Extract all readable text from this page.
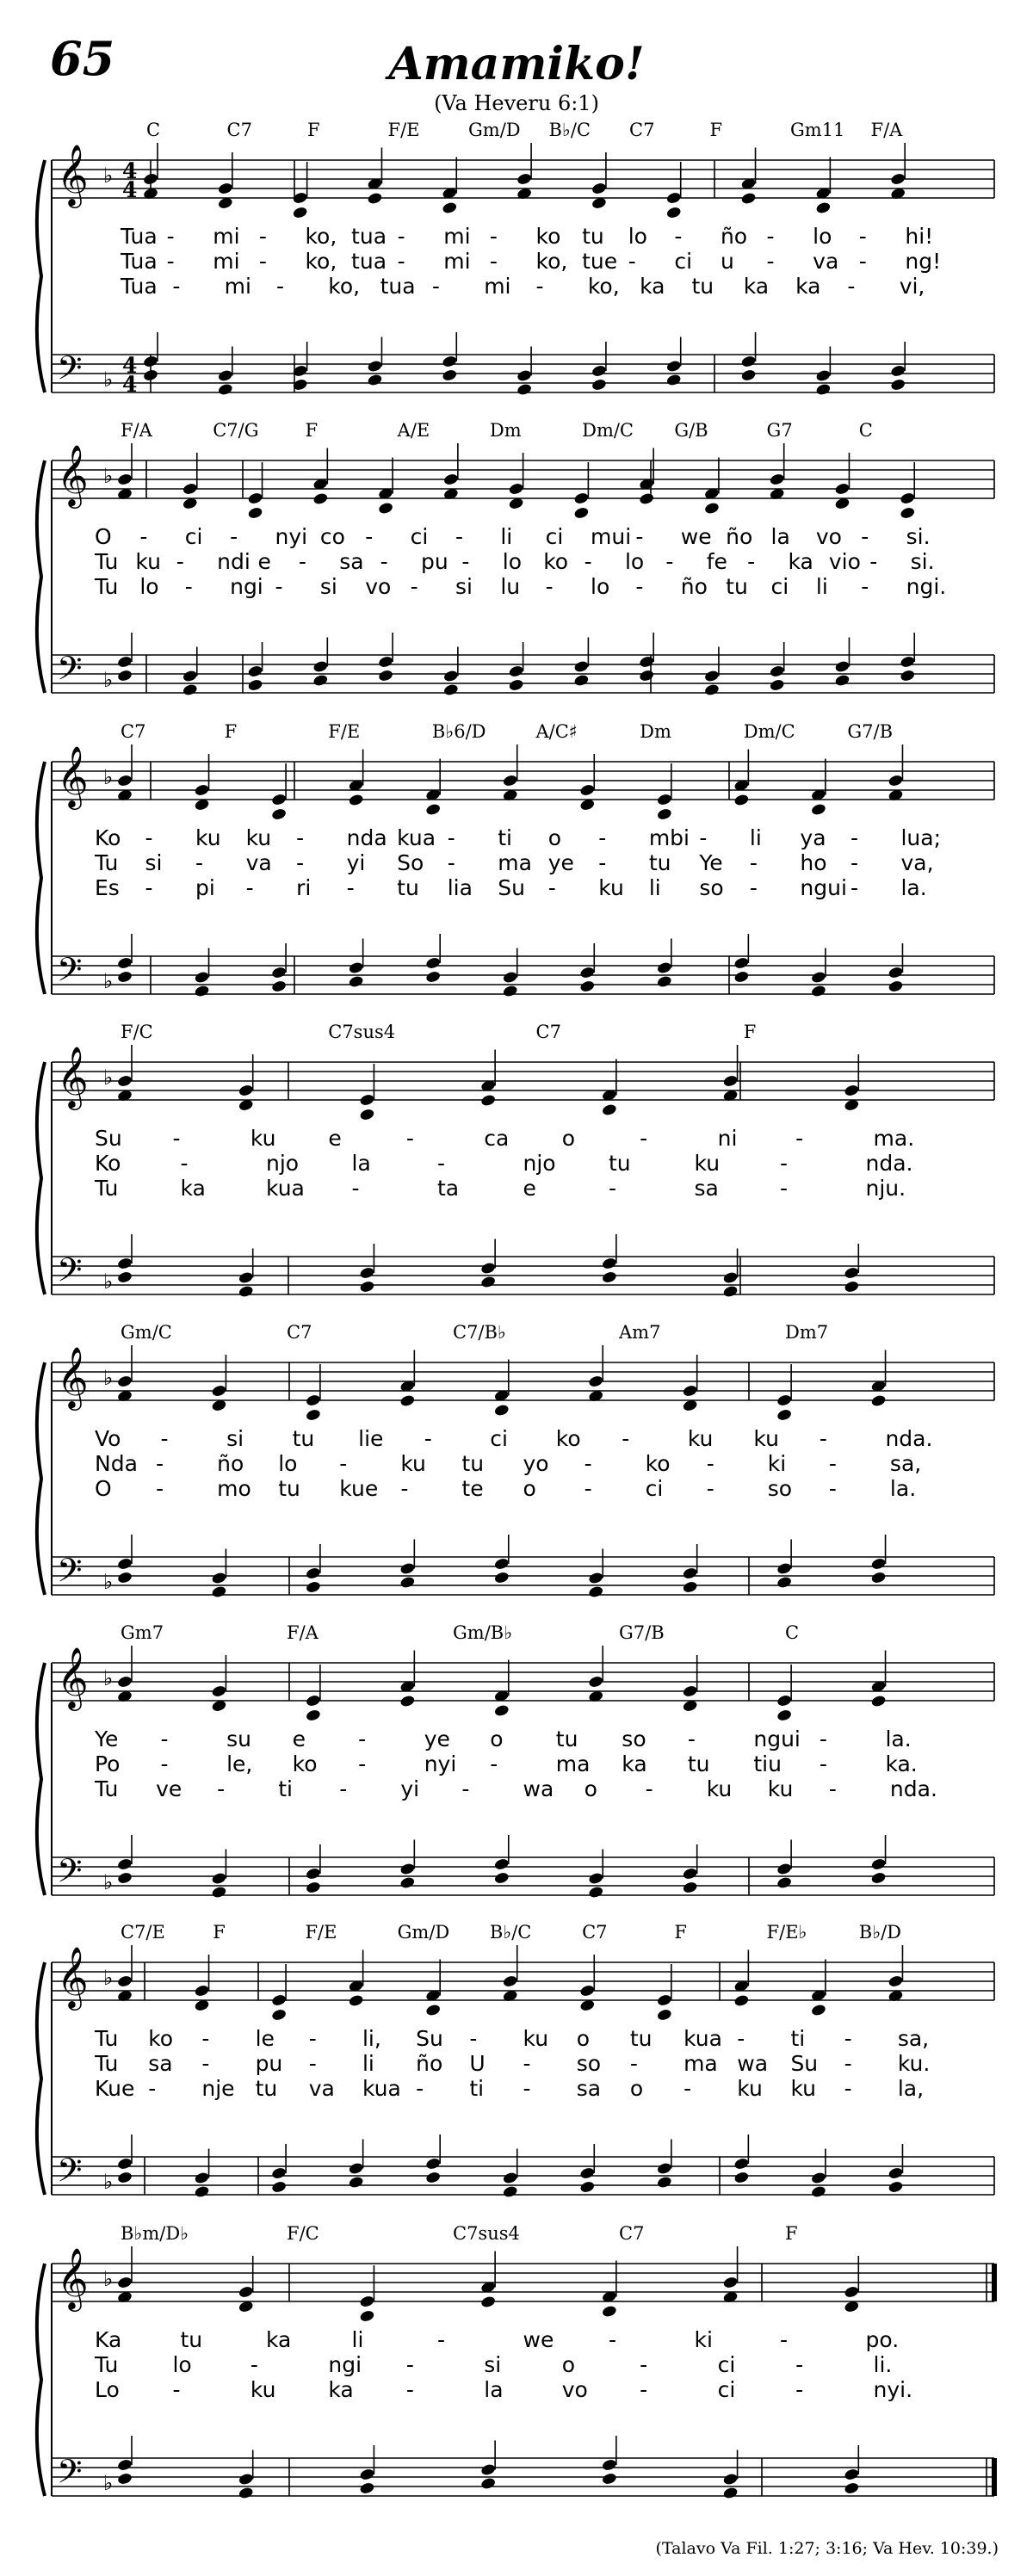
65	Amamiko!
(Va Heveru 6:1)
𝄞
𝄢
♭
♭
4
4
4
4
C	C7	F	F/E	Gm/D B♭/C C7	F	Gm11 F/A
Tua - mi - ko, tua - mi - ko tu lo - ño - lo - hi!
Tua - mi - ko, tua - mi - ko, tue - ci u - va - ng!
Tua - mi - ko, tua - mi - ko, ka tu ka ka - vi,
𝄞
𝄢
♭
♭
F/A	C7/G	F	A/E	Dm	Dm/C G/B	G7	C
O - ci - nyi co - ci - li ci mui - we ño la vo - si.
Tu ku - ndi e - sa - pu - lo ko - lo - fe - ka vio - si.
Tu lo - ngi - si vo - si lu - lo - ño tu ci li - ngi.
𝄞
𝄢
♭
♭
C7	F	F/E	B♭6/D	A/C♯	Dm	Dm/C	G7/B
Ko - ku ku - nda kua - ti o - mbi - li ya - lua;
Tu si - va - yi So - ma ye - tu Ye - ho - va,
Es - pi - ri - tu lia Su - ku li so - ngui - la.
𝄞
𝄢
♭
♭
F/C	C7sus4	C7	F
Su -	ku e	-	ca o	-	ni	-	ma.
Ko	-	njo la	-	njo tu	ku	-	nda.
Tu	ka	kua -	ta	e	-	sa	-	nju.
𝄞
𝄢
♭
♭
Gm/C	C7	C7/B♭	Am7	Dm7
Vo -	si tu lie -	ci ko -	ku ku -	nda.
Nda - ño lo - ku tu yo - ko - ki - sa,
O - mo tu kue - te o - ci - so - la.
𝄞
𝄢
♭
♭
Gm7	F/A	Gm/B♭	G7/B	C
Ye -	su e -	ye o tu so -	ngui -	la.
Po -	le, ko -	nyi -	ma ka tu tiu -	ka.
Tu ve - ti - yi - wa o - ku ku - nda.
𝄞
𝄢
♭
♭
C7/E	F	F/E	Gm/D B♭/C	C7	F	F/E♭	B♭/D
Tu ko - le - li, Su - ku o tu kua - ti - sa,
Tu sa - pu - li ño U - so - ma wa Su - ku.
Kue - nje tu va kua - ti - sa o - ku ku - la,
𝄞
𝄢
♭
♭
B♭m/D♭	F/C	C7sus4	C7	F
Ka	tu	ka	li	-	we	-	ki	-	po.
Tu	lo	-	ngi -	si	o	-	ci	-	li.
Lo -	ku ka -	la	vo -	ci	-	nyi.
(Talavo Va Fil. 1:27; 3:16; Va Hev. 10:39.)
